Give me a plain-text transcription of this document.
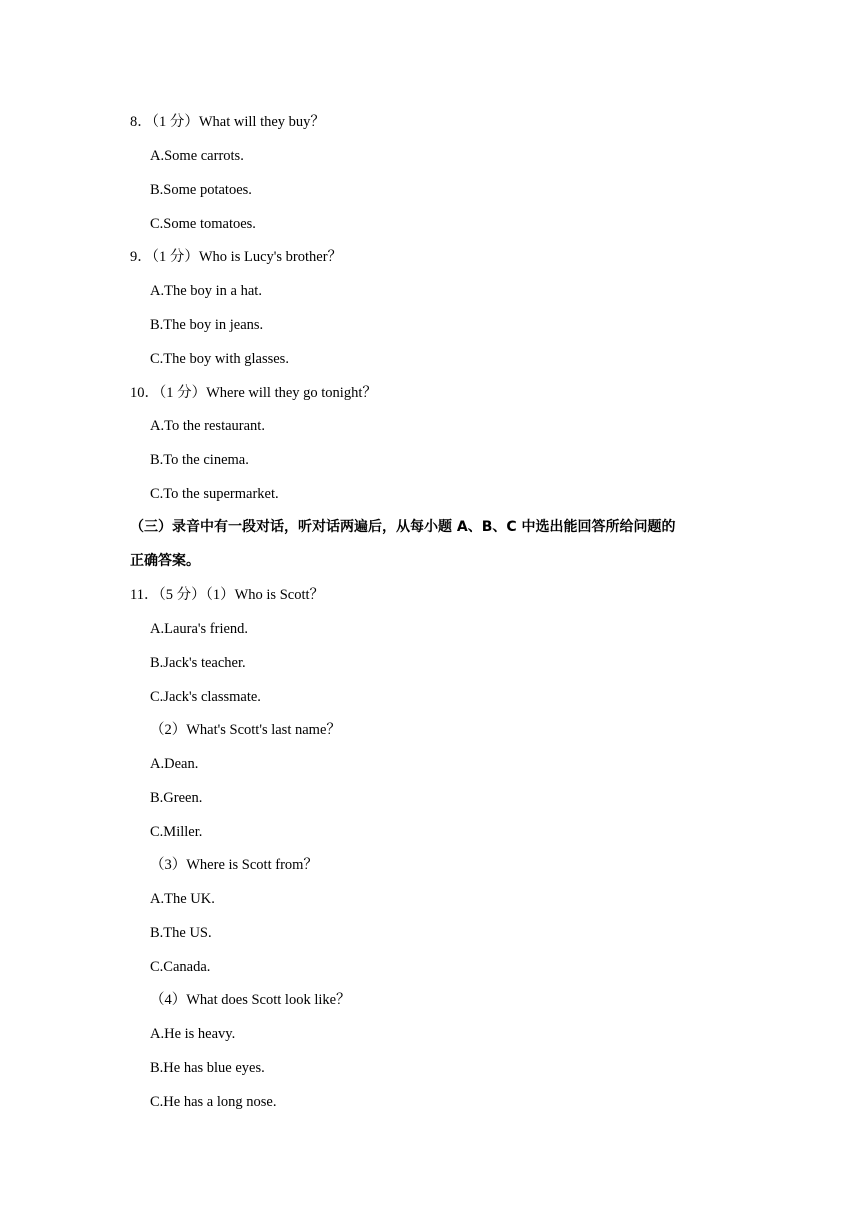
8．（1 分）What will they buy？
A.Some carrots.
B.Some potatoes.
C.Some tomatoes.
9．（1 分）Who is Lucy's brother？
A.The boy in a hat.
B.The boy in jeans.
C.The boy with glasses.
10．（1 分）Where will they go tonight？
A.To the restaurant.
B.To the cinema.
C.To the supermarket.
（三）录音中有一段对话，听对话两遍后，从每小题 A、B、C 中选出能回答所给问题的
正确答案。
11．（5 分）（1）Who is Scott？
A.Laura's friend.
B.Jack's teacher.
C.Jack's classmate.
（2）What's Scott's last name？
A.Dean.
B.Green.
C.Miller.
（3）Where is Scott from？
A.The UK.
B.The US.
C.Canada.
（4）What does Scott look like？
A.He is heavy.
B.He has blue eyes.
C.He has a long nose.
